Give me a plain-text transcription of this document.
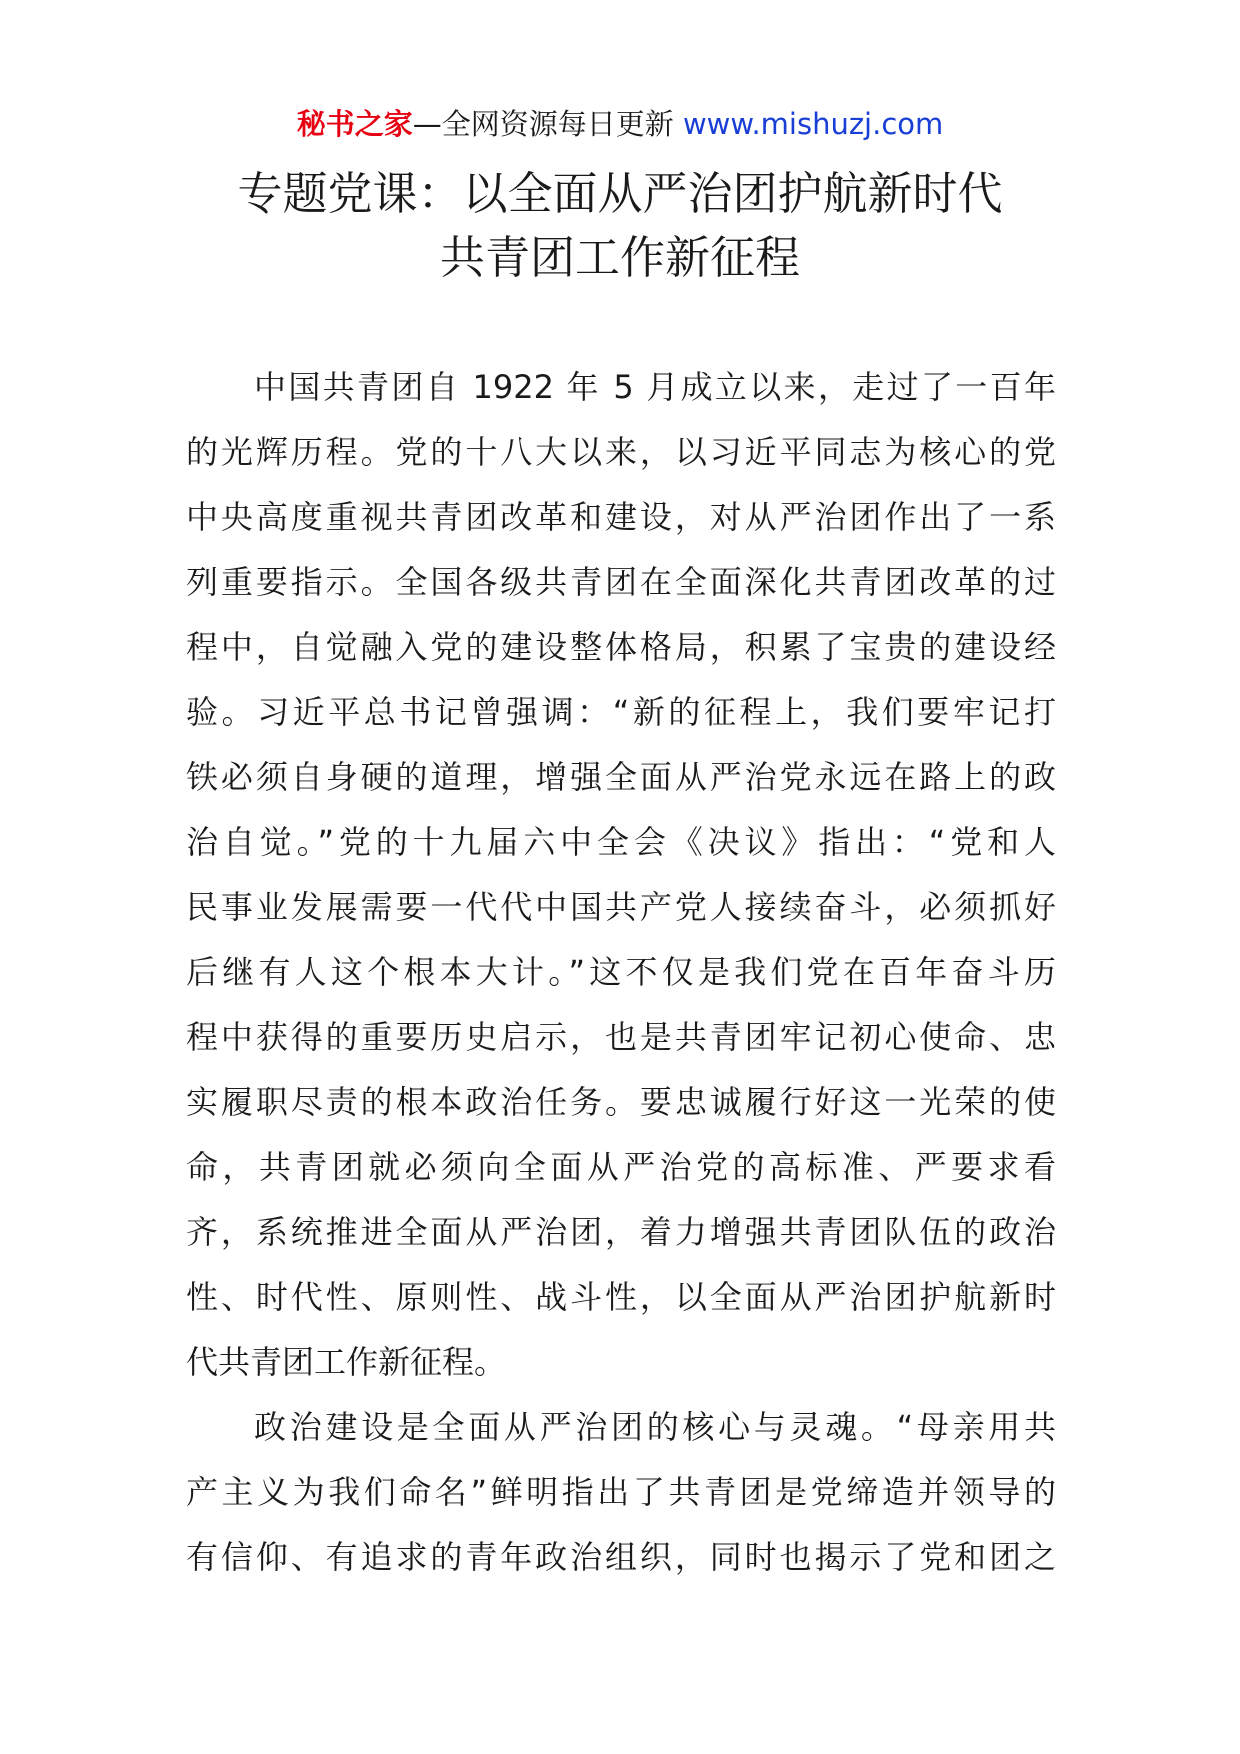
秘书之家—全网资源每日更新 www.mishuzj.com
专题党课：以全面从严治团护航新时代
共青团工作新征程
中国共青团自 1922 年 5 月成立以来，走过了一百年
的光辉历程。党的十八大以来，以习近平同志为核心的党
中央高度重视共青团改革和建设，对从严治团作出了一系
列重要指示。全国各级共青团在全面深化共青团改革的过
程中，自觉融入党的建设整体格局，积累了宝贵的建设经
验。习近平总书记曾强调：“新的征程上，我们要牢记打
铁必须自身硬的道理，增强全面从严治党永远在路上的政
治自觉。”党的十九届六中全会《决议》指出：“党和人
民事业发展需要一代代中国共产党人接续奋斗，必须抓好
后继有人这个根本大计。”这不仅是我们党在百年奋斗历
程中获得的重要历史启示，也是共青团牢记初心使命、忠
实履职尽责的根本政治任务。要忠诚履行好这一光荣的使
命，共青团就必须向全面从严治党的高标准、严要求看
齐，系统推进全面从严治团，着力增强共青团队伍的政治
性、时代性、原则性、战斗性，以全面从严治团护航新时
代共青团工作新征程。
政治建设是全面从严治团的核心与灵魂。“母亲用共
产主义为我们命名”鲜明指出了共青团是党缔造并领导的
有信仰、有追求的青年政治组织，同时也揭示了党和团之
